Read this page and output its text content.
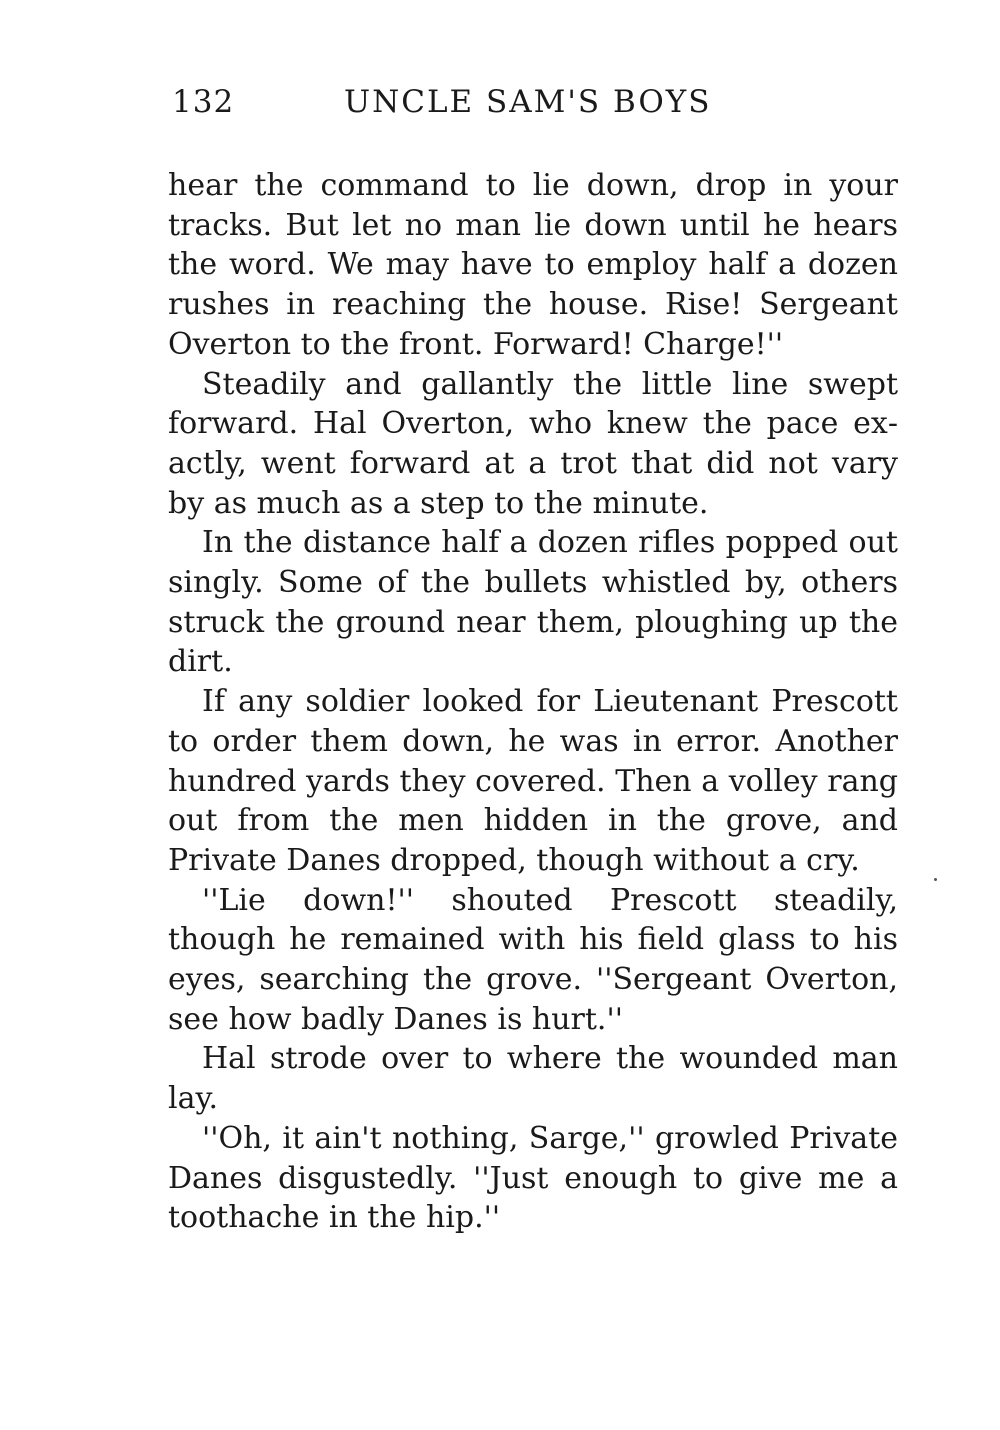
132	UNCLE SAM'S BOYS

hear the command to lie down, drop in your tracks. But let no man lie down until he hears the word. We may have to employ half a dozen rushes in reaching the house. Rise! Sergeant Overton to the front. Forward! Charge!''

Steadily and gallantly the little line swept forward. Hal Overton, who knew the pace exactly, went forward at a trot that did not vary by as much as a step to the minute.

In the distance half a dozen rifles popped out singly. Some of the bullets whistled by, others struck the ground near them, ploughing up the dirt.

If any soldier looked for Lieutenant Prescott to order them down, he was in error. Another hundred yards they covered. Then a volley rang out from the men hidden in the grove, and Private Danes dropped, though without a cry.

''Lie down!'' shouted Prescott steadily, though he remained with his field glass to his eyes, searching the grove. ''Sergeant Overton, see how badly Danes is hurt.''

Hal strode over to where the wounded man lay.

''Oh, it ain't nothing, Sarge,'' growled Private Danes disgustedly. ''Just enough to give me a toothache in the hip.''
